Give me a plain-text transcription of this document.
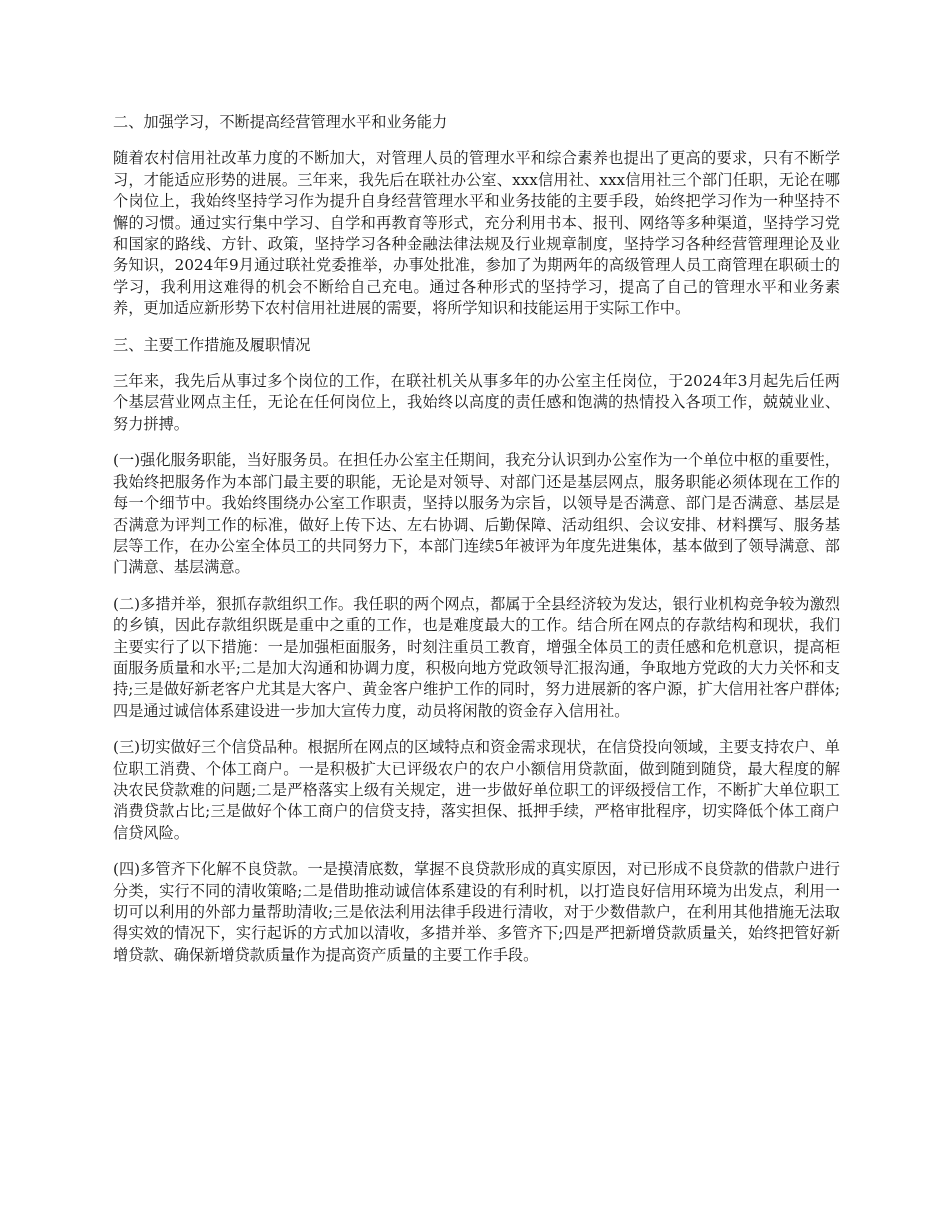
二、加强学习，不断提高经营管理水平和业务能力

随着农村信用社改革力度的不断加大，对管理人员的管理水平和综合素养也提出了更高的要求，只有不断学习，才能适应形势的进展。三年来，我先后在联社办公室、xxx信用社、xxx信用社三个部门任职，无论在哪个岗位上，我始终坚持学习作为提升自身经营管理水平和业务技能的主要手段，始终把学习作为一种坚持不懈的习惯。通过实行集中学习、自学和再教育等形式，充分利用书本、报刊、网络等多种渠道，坚持学习党和国家的路线、方针、政策，坚持学习各种金融法律法规及行业规章制度，坚持学习各种经营管理理论及业务知识，2024年9月通过联社党委推举，办事处批准，参加了为期两年的高级管理人员工商管理在职硕士的学习，我利用这难得的机会不断给自己充电。通过各种形式的坚持学习，提高了自己的管理水平和业务素养，更加适应新形势下农村信用社进展的需要，将所学知识和技能运用于实际工作中。

三、主要工作措施及履职情况

三年来，我先后从事过多个岗位的工作，在联社机关从事多年的办公室主任岗位，于2024年3月起先后任两个基层营业网点主任，无论在任何岗位上，我始终以高度的责任感和饱满的热情投入各项工作，兢兢业业、努力拼搏。

(一)强化服务职能，当好服务员。在担任办公室主任期间，我充分认识到办公室作为一个单位中枢的重要性，我始终把服务作为本部门最主要的职能，无论是对领导、对部门还是基层网点，服务职能必须体现在工作的每一个细节中。我始终围绕办公室工作职责，坚持以服务为宗旨，以领导是否满意、部门是否满意、基层是否满意为评判工作的标准，做好上传下达、左右协调、后勤保障、活动组织、会议安排、材料撰写、服务基层等工作，在办公室全体员工的共同努力下，本部门连续5年被评为年度先进集体，基本做到了领导满意、部门满意、基层满意。

(二)多措并举，狠抓存款组织工作。我任职的两个网点，都属于全县经济较为发达，银行业机构竞争较为激烈的乡镇，因此存款组织既是重中之重的工作，也是难度最大的工作。结合所在网点的存款结构和现状，我们主要实行了以下措施：一是加强柜面服务，时刻注重员工教育，增强全体员工的责任感和危机意识，提高柜面服务质量和水平;二是加大沟通和协调力度，积极向地方党政领导汇报沟通，争取地方党政的大力关怀和支持;三是做好新老客户尤其是大客户、黄金客户维护工作的同时，努力进展新的客户源，扩大信用社客户群体;四是通过诚信体系建设进一步加大宣传力度，动员将闲散的资金存入信用社。

(三)切实做好三个信贷品种。根据所在网点的区域特点和资金需求现状，在信贷投向领域，主要支持农户、单位职工消费、个体工商户。一是积极扩大已评级农户的农户小额信用贷款面，做到随到随贷，最大程度的解决农民贷款难的问题;二是严格落实上级有关规定，进一步做好单位职工的评级授信工作，不断扩大单位职工消费贷款占比;三是做好个体工商户的信贷支持，落实担保、抵押手续，严格审批程序，切实降低个体工商户信贷风险。

(四)多管齐下化解不良贷款。一是摸清底数，掌握不良贷款形成的真实原因，对已形成不良贷款的借款户进行分类，实行不同的清收策略;二是借助推动诚信体系建设的有利时机，以打造良好信用环境为出发点，利用一切可以利用的外部力量帮助清收;三是依法利用法律手段进行清收，对于少数借款户，在利用其他措施无法取得实效的情况下，实行起诉的方式加以清收，多措并举、多管齐下;四是严把新增贷款质量关，始终把管好新增贷款、确保新增贷款质量作为提高资产质量的主要工作手段。
